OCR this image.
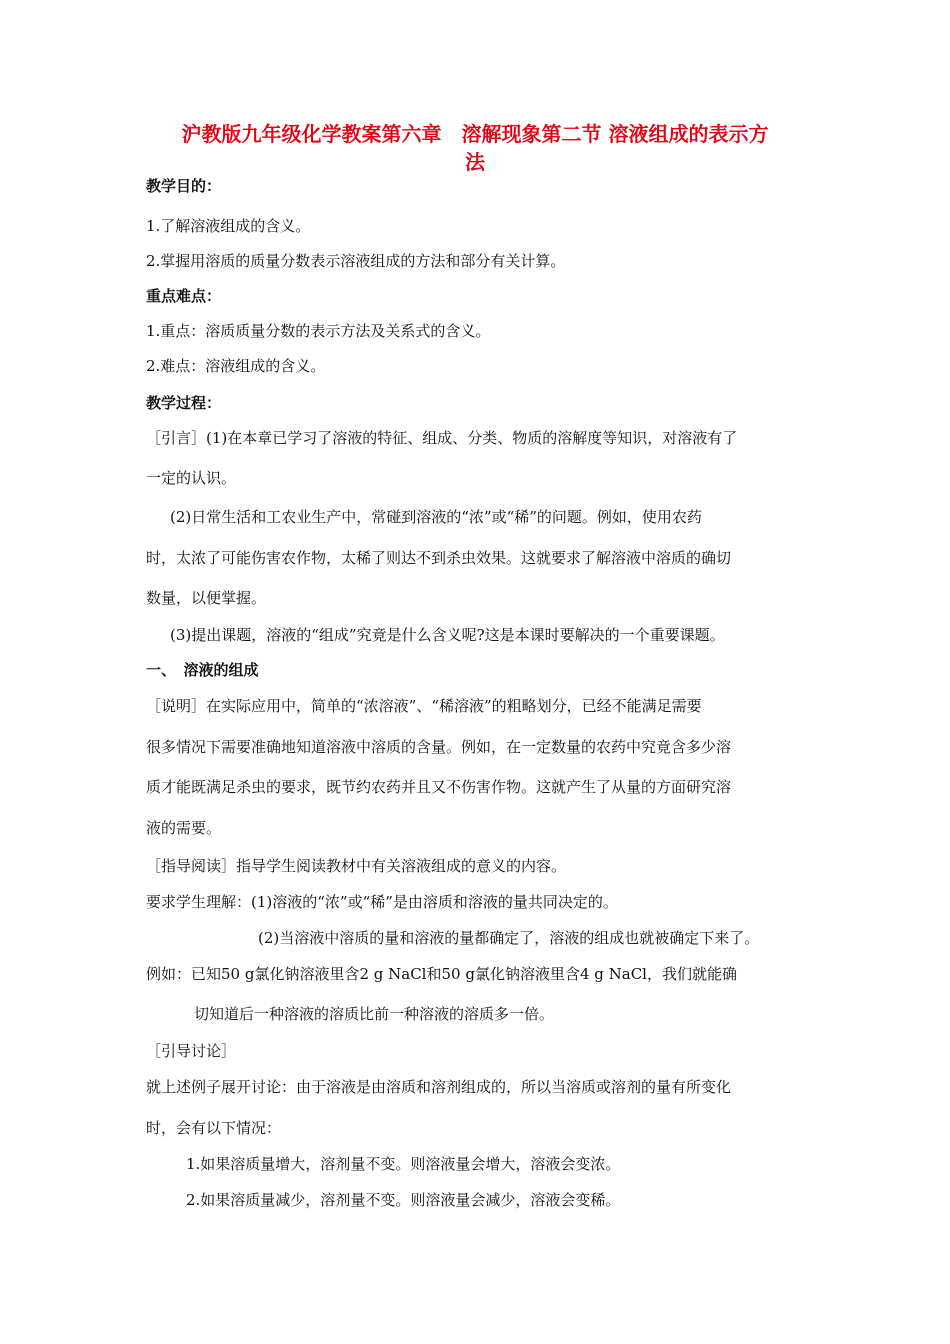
沪教版九年级化学教案第六章　溶解现象第二节 溶液组成的表示方
法
教学目的：
1.了解溶液组成的含义。
2.掌握用溶质的质量分数表示溶液组成的方法和部分有关计算。
重点难点：
1.重点：溶质质量分数的表示方法及关系式的含义。
2.难点：溶液组成的含义。
教学过程：
［引言］(1)在本章已学习了溶液的特征、组成、分类、物质的溶解度等知识，对溶液有了
一定的认识。
(2)日常生活和工农业生产中，常碰到溶液的“浓”或“稀”的问题。例如，使用农药
时，太浓了可能伤害农作物，太稀了则达不到杀虫效果。这就要求了解溶液中溶质的确切
数量，以便掌握。
(3)提出课题，溶液的“组成”究竟是什么含义呢?这是本课时要解决的一个重要课题。
一、　溶液的组成
［说明］在实际应用中，简单的“浓溶液”、“稀溶液”的粗略划分，已经不能满足需要
很多情况下需要准确地知道溶液中溶质的含量。例如，在一定数量的农药中究竟含多少溶
质才能既满足杀虫的要求，既节约农药并且又不伤害作物。这就产生了从量的方面研究溶
液的需要。
［指导阅读］指导学生阅读教材中有关溶液组成的意义的内容。
要求学生理解：(1)溶液的“浓”或“稀”是由溶质和溶液的量共同决定的。
(2)当溶液中溶质的量和溶液的量都确定了，溶液的组成也就被确定下来了。
例如：已知50 g氯化钠溶液里含2 g NaCl和50 g氯化钠溶液里含4 g NaCl，我们就能确
切知道后一种溶液的溶质比前一种溶液的溶质多一倍。
［引导讨论］
就上述例子展开讨论：由于溶液是由溶质和溶剂组成的，所以当溶质或溶剂的量有所变化
时，会有以下情况：
1.如果溶质量增大，溶剂量不变。则溶液量会增大，溶液会变浓。
2.如果溶质量减少，溶剂量不变。则溶液量会减少，溶液会变稀。
